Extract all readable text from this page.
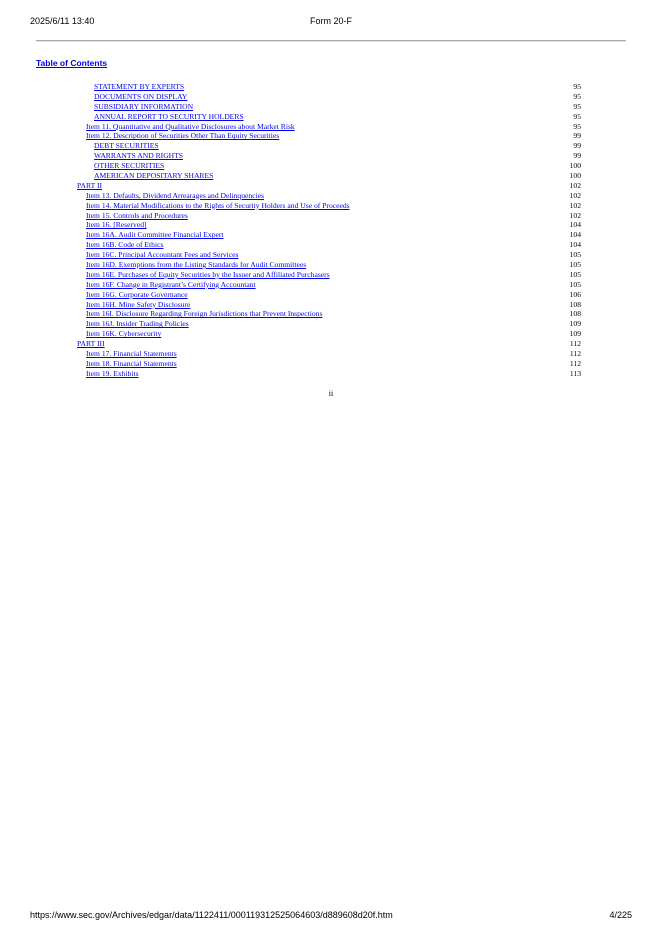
2025/6/11 13:40	Form 20-F
Table of Contents
STATEMENT BY EXPERTS	95
DOCUMENTS ON DISPLAY	95
SUBSIDIARY INFORMATION	95
ANNUAL REPORT TO SECURITY HOLDERS	95
Item 11. Quantitative and Qualitative Disclosures about Market Risk	95
Item 12. Description of Securities Other Than Equity Securities	99
DEBT SECURITIES	99
WARRANTS AND RIGHTS	99
OTHER SECURITIES	100
AMERICAN DEPOSITARY SHARES	100
PART II	102
Item 13. Defaults, Dividend Arrearages and Delinquencies	102
Item 14. Material Modifications to the Rights of Security Holders and Use of Proceeds	102
Item 15. Controls and Procedures	102
Item 16. [Reserved]	104
Item 16A. Audit Committee Financial Expert	104
Item 16B. Code of Ethics	104
Item 16C. Principal Accountant Fees and Services	105
Item 16D. Exemptions from the Listing Standards for Audit Committees	105
Item 16E. Purchases of Equity Securities by the Issuer and Affiliated Purchasers	105
Item 16F. Change in Registrant’s Certifying Accountant	105
Item 16G. Corporate Governance	106
Item 16H. Mine Safety Disclosure	108
Item 16I. Disclosure Regarding Foreign Jurisdictions that Prevent Inspections	108
Item 16J. Insider Trading Policies	109
Item 16K. Cybersecurity	109
PART III	112
Item 17. Financial Statements	112
Item 18. Financial Statements	112
Item 19. Exhibits	113
ii
https://www.sec.gov/Archives/edgar/data/1122411/000119312525064603/d889608d20f.htm	4/225
